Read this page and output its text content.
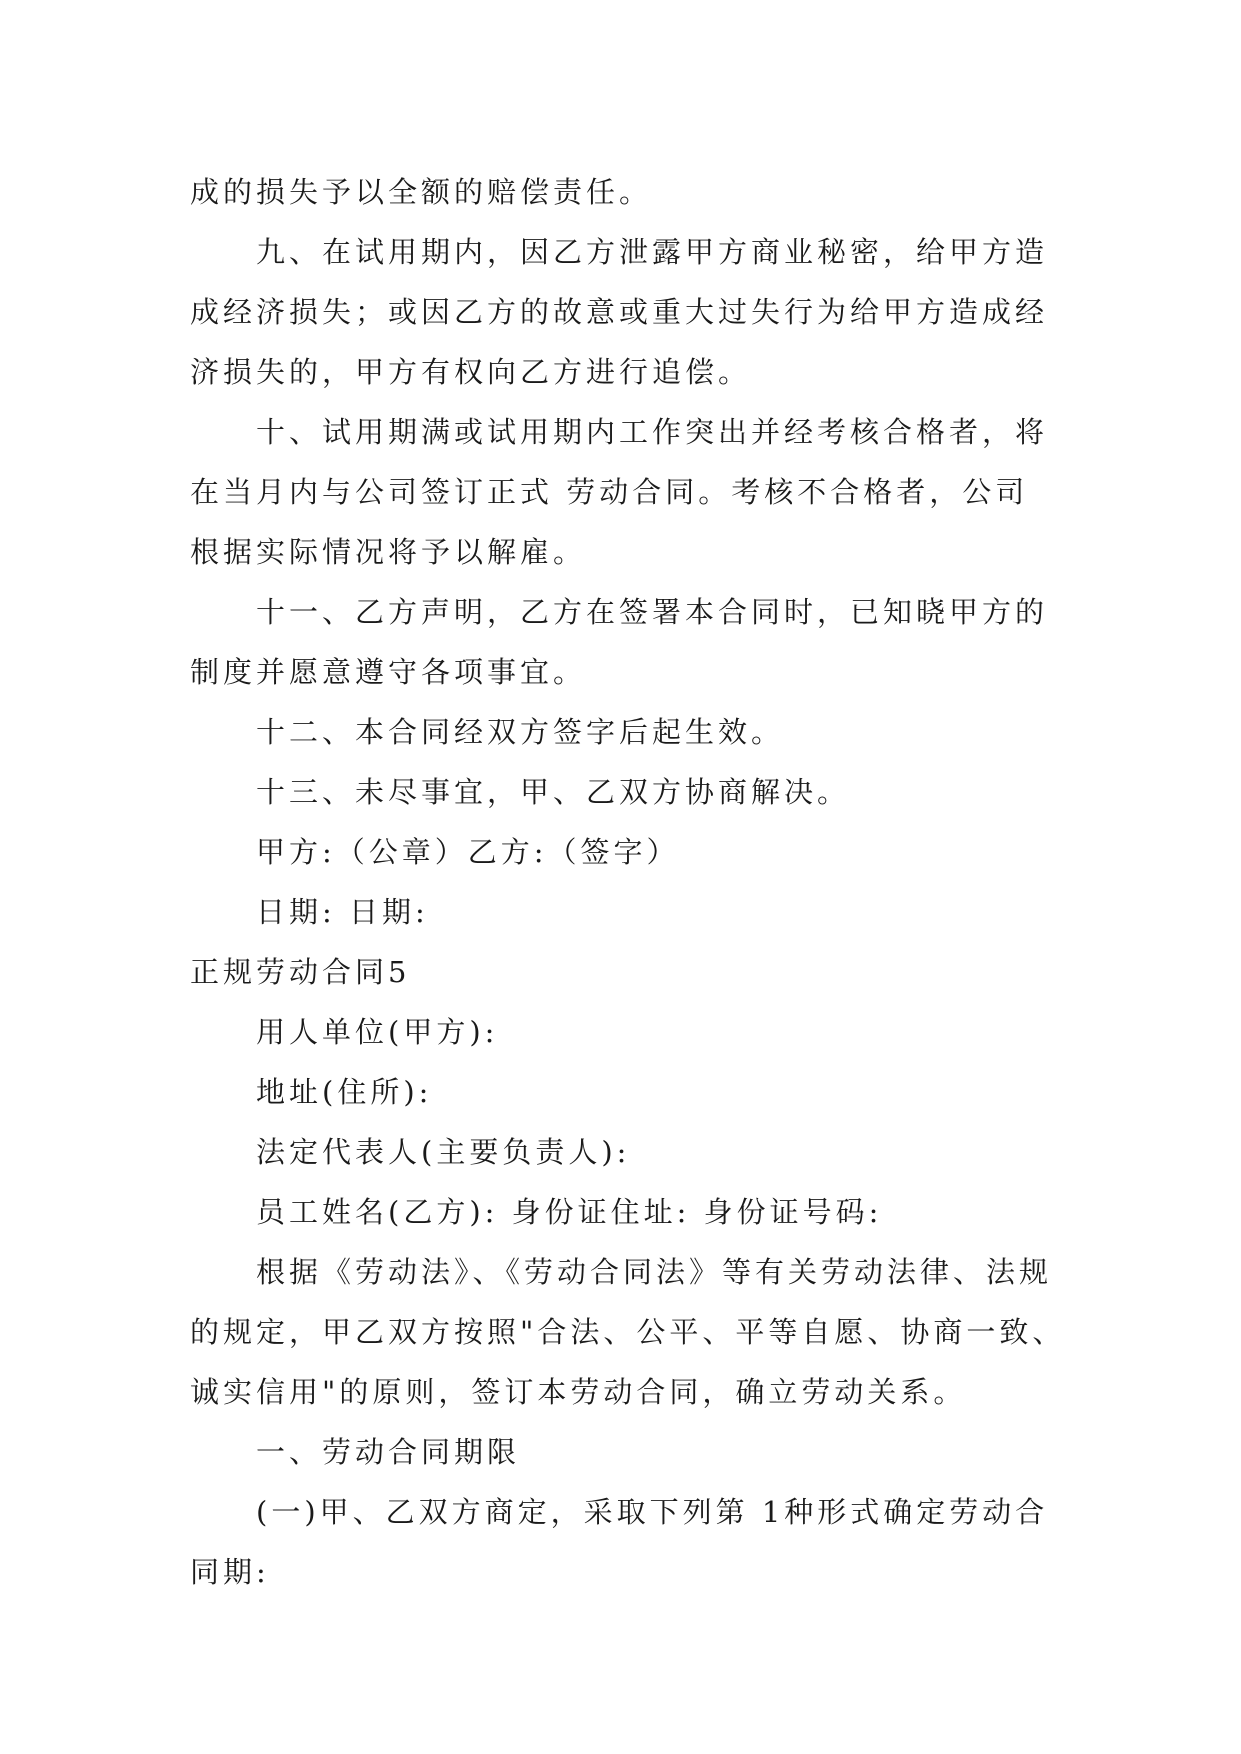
成的损失予以全额的赔偿责任。
九、在试用期内，因乙方泄露甲方商业秘密，给甲方造
成经济损失；或因乙方的故意或重大过失行为给甲方造成经
济损失的，甲方有权向乙方进行追偿。
十、试用期满或试用期内工作突出并经考核合格者，将
在当月内与公司签订正式 劳动合同。考核不合格者，公司
根据实际情况将予以解雇。
十一、乙方声明，乙方在签署本合同时，已知晓甲方的
制度并愿意遵守各项事宜。
十二、本合同经双方签字后起生效。
十三、未尽事宜，甲、乙双方协商解决。
甲方:（公章）乙方:（签字）
日期: 日期:
正规劳动合同5
用人单位(甲方):
地址(住所):
法定代表人(主要负责人):
员工姓名(乙方): 身份证住址: 身份证号码:
根据《劳动法》、《劳动合同法》等有关劳动法律、法规
的规定，甲乙双方按照"合法、公平、平等自愿、协商一致、
诚实信用"的原则，签订本劳动合同，确立劳动关系。
一、劳动合同期限
(一)甲、乙双方商定，采取下列第 1种形式确定劳动合
同期:
